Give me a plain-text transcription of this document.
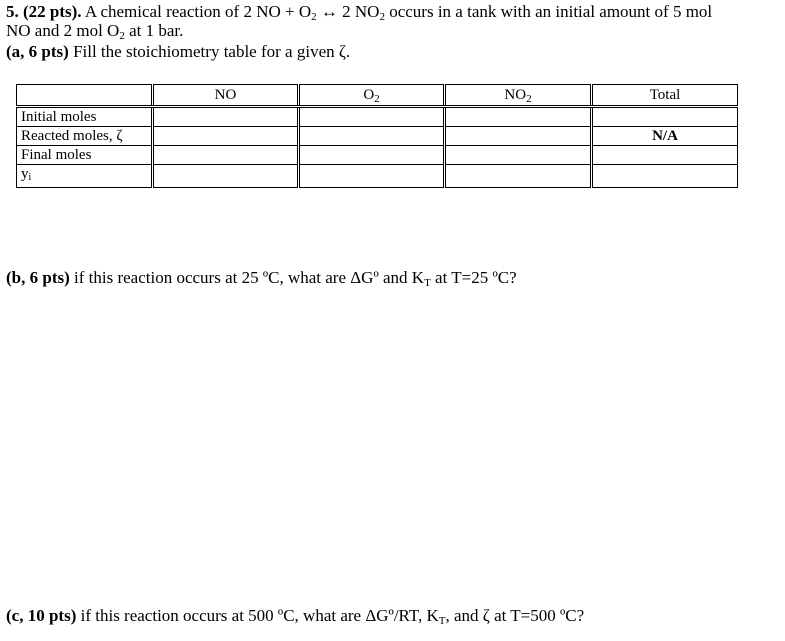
5. (22 pts). A chemical reaction of 2 NO + $O_2$ ↔ 2 $NO_2$ occurs in a tank with an initial amount of 5 mol
NO and 2 mol $O_2$ at 1 bar.
(a, 6 pts) Fill the stoichiometry table for a given ζ.
	NO	$O_2$	$NO_2$	Total
Initial moles				
Reacted moles, ζ				N/A
Final moles				
yi				
(b, 6 pts) if this reaction occurs at 25 ºC, what are ΔGº and $K_T$ at T=25 ºC?
(c, 10 pts) if this reaction occurs at 500 ºC, what are ΔGº/RT, $K_T$, and ζ at T=500 ºC?
